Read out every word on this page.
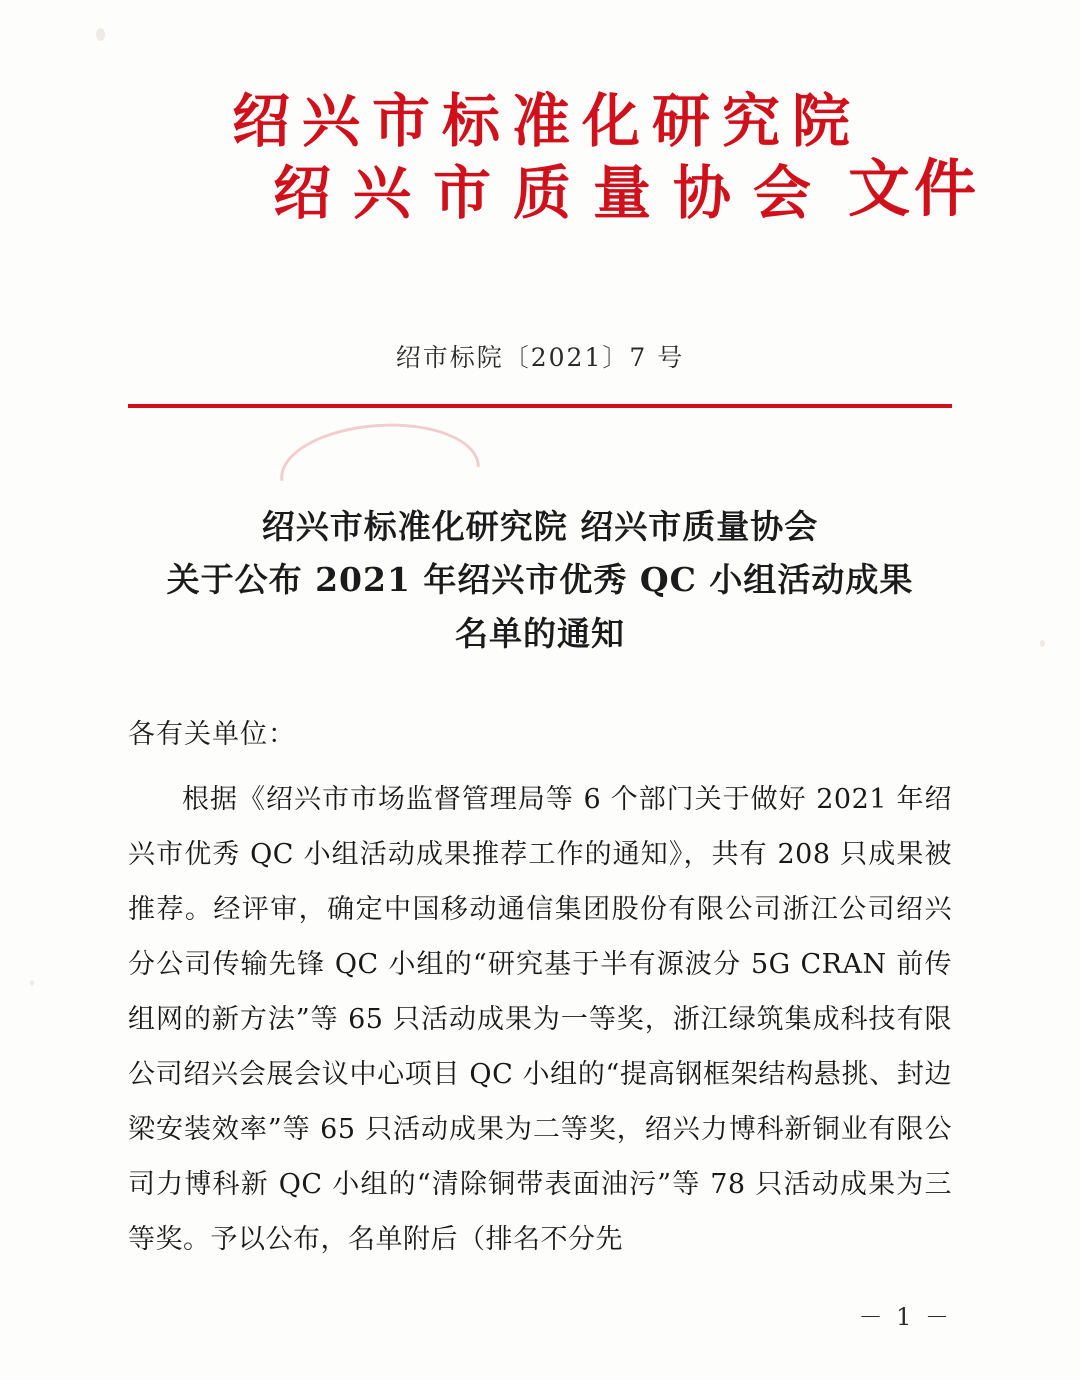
绍兴市标准化研究院
绍兴市质量协会 文件
绍市标院〔2021〕7 号
绍兴市标准化研究院 绍兴市质量协会
关于公布 2021 年绍兴市优秀 QC 小组活动成果
名单的通知
各有关单位：

根据《绍兴市市场监督管理局等 6 个部门关于做好 2021 年绍兴市优秀 QC 小组活动成果推荐工作的通知》，共有 208 只成果被推荐。经评审，确定中国移动通信集团股份有限公司浙江公司绍兴分公司传输先锋 QC 小组的“研究基于半有源波分 5G CRAN 前传组网的新方法”等 65 只活动成果为一等奖，浙江绿筑集成科技有限公司绍兴会展会议中心项目 QC 小组的“提高钢框架结构悬挑、封边梁安装效率”等 65 只活动成果为二等奖，绍兴力博科新铜业有限公司力博科新 QC 小组的“清除铜带表面油污”等 78 只活动成果为三等奖。予以公布，名单附后（排名不分先

－ 1 －
